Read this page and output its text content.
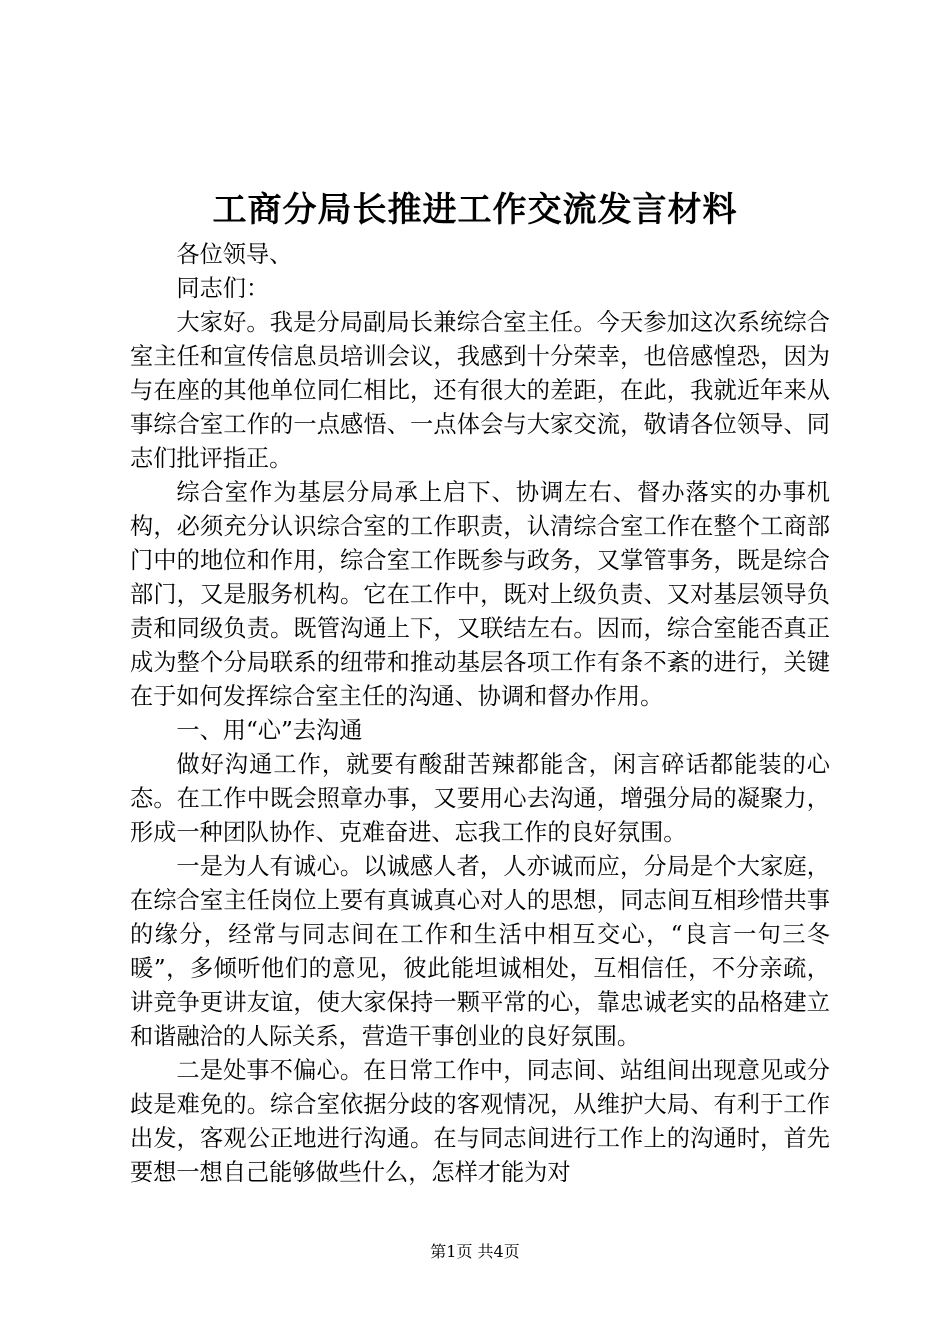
工商分局长推进工作交流发言材料

各位领导、

同志们：

大家好。我是分局副局长兼综合室主任。今天参加这次系统综合室主任和宣传信息员培训会议，我感到十分荣幸，也倍感惶恐，因为与在座的其他单位同仁相比，还有很大的差距，在此，我就近年来从事综合室工作的一点感悟、一点体会与大家交流，敬请各位领导、同志们批评指正。

综合室作为基层分局承上启下、协调左右、督办落实的办事机构，必须充分认识综合室的工作职责，认清综合室工作在整个工商部门中的地位和作用，综合室工作既参与政务，又掌管事务，既是综合部门，又是服务机构。它在工作中，既对上级负责、又对基层领导负责和同级负责。既管沟通上下，又联结左右。因而，综合室能否真正成为整个分局联系的纽带和推动基层各项工作有条不紊的进行，关键在于如何发挥综合室主任的沟通、协调和督办作用。

一、用“心”去沟通

做好沟通工作，就要有酸甜苦辣都能含，闲言碎话都能装的心态。在工作中既会照章办事，又要用心去沟通，增强分局的凝聚力，形成一种团队协作、克难奋进、忘我工作的良好氛围。

一是为人有诚心。以诚感人者，人亦诚而应，分局是个大家庭，在综合室主任岗位上要有真诚真心对人的思想，同志间互相珍惜共事的缘分，经常与同志间在工作和生活中相互交心，“良言一句三冬暖”，多倾听他们的意见，彼此能坦诚相处，互相信任，不分亲疏，讲竞争更讲友谊，使大家保持一颗平常的心，靠忠诚老实的品格建立和谐融洽的人际关系，营造干事创业的良好氛围。

二是处事不偏心。在日常工作中，同志间、站组间出现意见或分歧是难免的。综合室依据分歧的客观情况，从维护大局、有利于工作出发，客观公正地进行沟通。在与同志间进行工作上的沟通时，首先要想一想自己能够做些什么，怎样才能为对

第1页 共4页
